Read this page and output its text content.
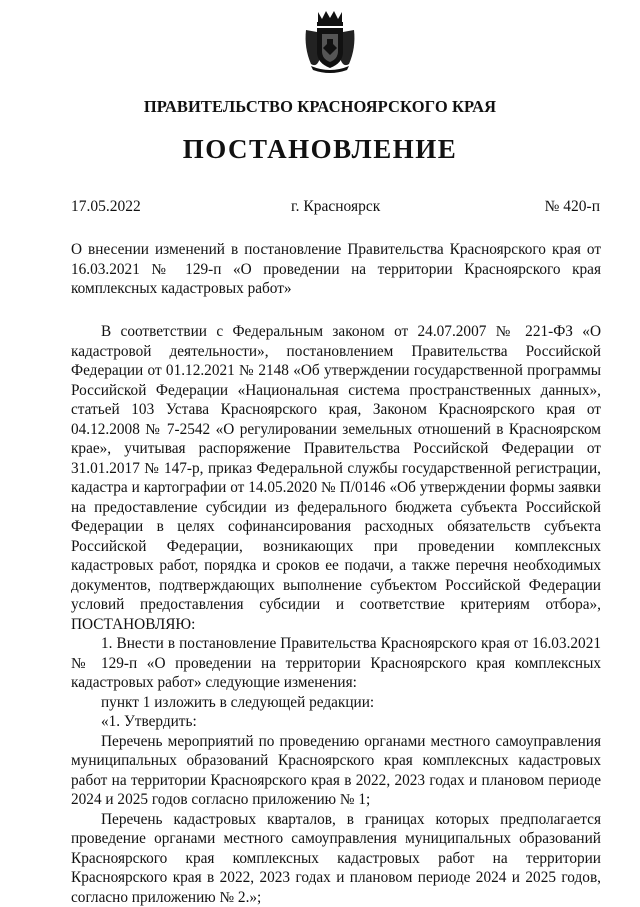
ПРАВИТЕЛЬСТВО КРАСНОЯРСКОГО КРАЯ
ПОСТАНОВЛЕНИЕ
17.05.2022	г. Красноярск	№ 420-п
О внесении изменений в постановление Правительства Красноярского края от 16.03.2021 № 129-п «О проведении на территории Красноярского края комплексных кадастровых работ»

В соответствии с Федеральным законом от 24.07.2007 № 221-ФЗ «О кадастровой деятельности», постановлением Правительства Российской Федерации от 01.12.2021 № 2148 «Об утверждении государственной программы Российской Федерации «Национальная система пространственных данных», статьей 103 Устава Красноярского края, Законом Красноярского края от 04.12.2008 № 7-2542 «О регулировании земельных отношений в Красноярском крае», учитывая распоряжение Правительства Российской Федерации от 31.01.2017 № 147-р, приказ Федеральной службы государственной регистрации, кадастра и картографии от 14.05.2020 № П/0146 «Об утверждении формы заявки на предоставление субсидии из федерального бюджета субъекта Российской Федерации в целях софинансирования расходных обязательств субъекта Российской Федерации, возникающих при проведении комплексных кадастровых работ, порядка и сроков ее подачи, а также перечня необходимых документов, подтверждающих выполнение субъектом Российской Федерации условий предоставления субсидии и соответствие критериям отбора», ПОСТАНОВЛЯЮ:

1. Внести в постановление Правительства Красноярского края от 16.03.2021 № 129-п «О проведении на территории Красноярского края комплексных кадастровых работ» следующие изменения:

пункт 1 изложить в следующей редакции:

«1. Утвердить:

Перечень мероприятий по проведению органами местного самоуправления муниципальных образований Красноярского края комплексных кадастровых работ на территории Красноярского края в 2022, 2023 годах и плановом периоде 2024 и 2025 годов согласно приложению № 1;

Перечень кадастровых кварталов, в границах которых предполагается проведение органами местного самоуправления муниципальных образований Красноярского края комплексных кадастровых работ на территории Красноярского края в 2022, 2023 годах и плановом периоде 2024 и 2025 годов, согласно приложению № 2.»;
